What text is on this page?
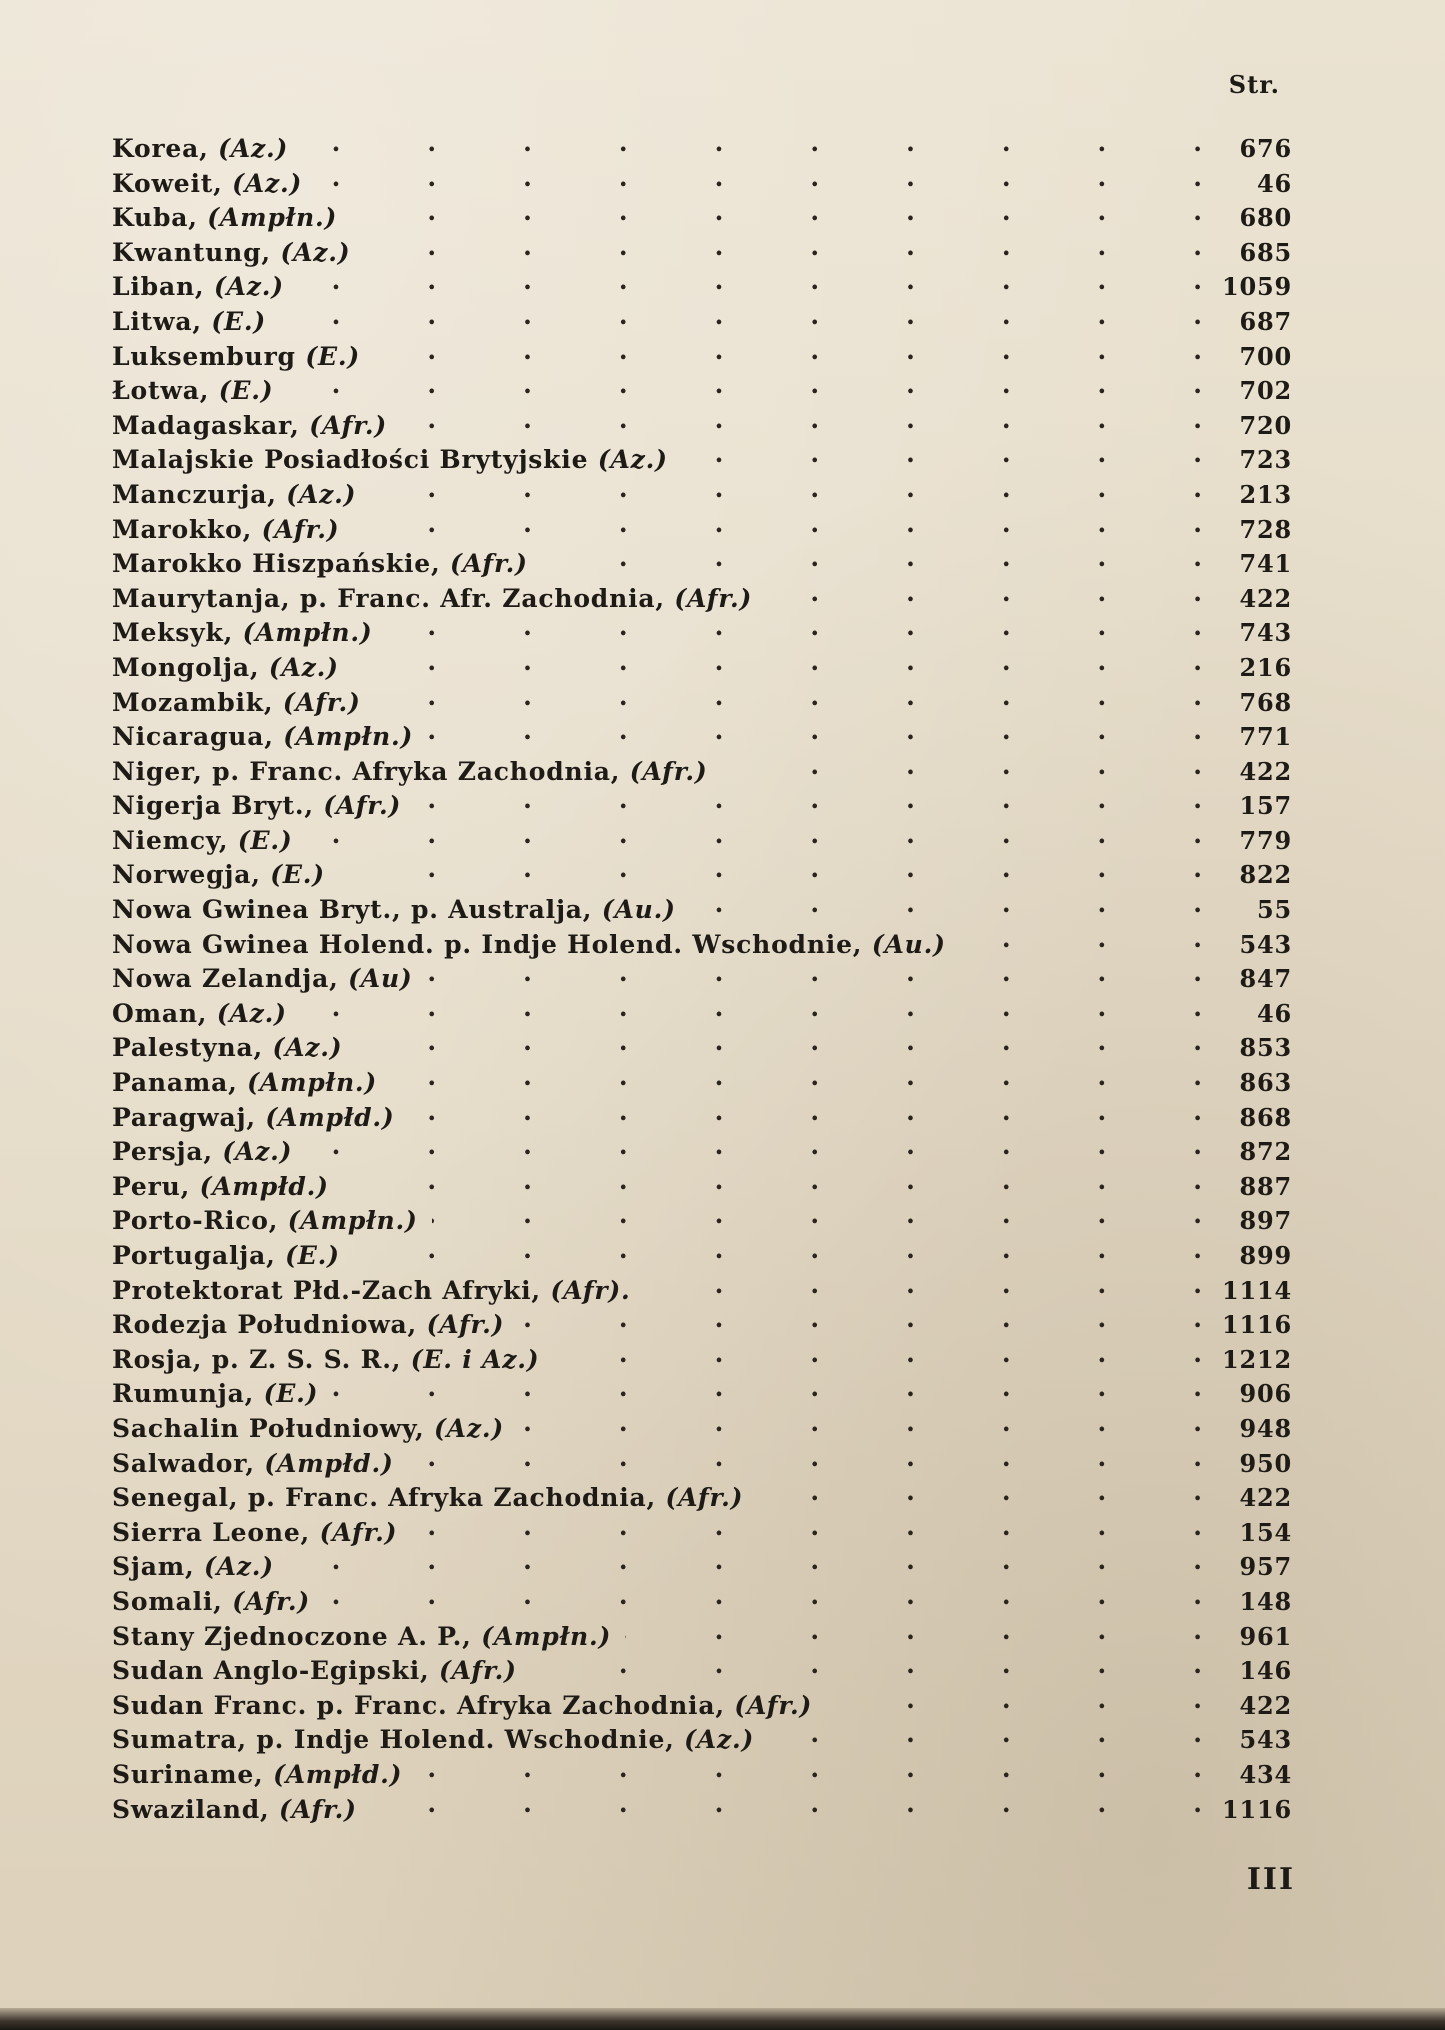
Str.
Korea, (Az.) .	676
Koweit, (Az.) .	46
Kuba, (Ampłn.) .	680
Kwantung, (Az.) .	685
Liban, (Az.) .	1059
Litwa, (E.) .	687
Luksemburg (E.) .	700
Łotwa, (E.) .	702
Madagaskar, (Afr.) .	720
Malajskie Posiadłości Brytyjskie (Az.) .	723
Manczurja, (Az.) .	213
Marokko, (Afr.) .	728
Marokko Hiszpańskie, (Afr.) .	741
Maurytanja, p. Franc. Afr. Zachodnia, (Afr.) .	422
Meksyk, (Ampłn.) .	743
Mongolja, (Az.) .	216
Mozambik, (Afr.) .	768
Nicaragua, (Ampłn.) .	771
Niger, p. Franc. Afryka Zachodnia, (Afr.) .	422
Nigerja Bryt., (Afr.) .	157
Niemcy, (E.) .	779
Norwegja, (E.) .	822
Nowa Gwinea Bryt., p. Australja, (Au.) .	55
Nowa Gwinea Holend. p. Indje Holend. Wschodnie, (Au.) .	543
Nowa Zelandja, (Au) .	847
Oman, (Az.) .	46
Palestyna, (Az.) .	853
Panama, (Ampłn.) .	863
Paragwaj, (Ampłd.) .	868
Persja, (Az.) .	872
Peru, (Ampłd.) .	887
Porto-Rico, (Ampłn.) .	897
Portugalja, (E.) .	899
Protektorat Płd.-Zach Afryki, (Afr). .	1114
Rodezja Południowa, (Afr.) .	1116
Rosja, p. Z. S. S. R., (E. i Az.) .	1212
Rumunja, (E.) .	906
Sachalin Południowy, (Az.) .	948
Salwador, (Ampłd.) .	950
Senegal, p. Franc. Afryka Zachodnia, (Afr.) .	422
Sierra Leone, (Afr.) .	154
Sjam, (Az.) .	957
Somali, (Afr.) .	148
Stany Zjednoczone A. P., (Ampłn.) .	961
Sudan Anglo-Egipski, (Afr.) .	146
Sudan Franc. p. Franc. Afryka Zachodnia, (Afr.) .	422
Sumatra, p. Indje Holend. Wschodnie, (Az.) .	543
Suriname, (Ampłd.) .	434
Swaziland, (Afr.) .	1116
III
